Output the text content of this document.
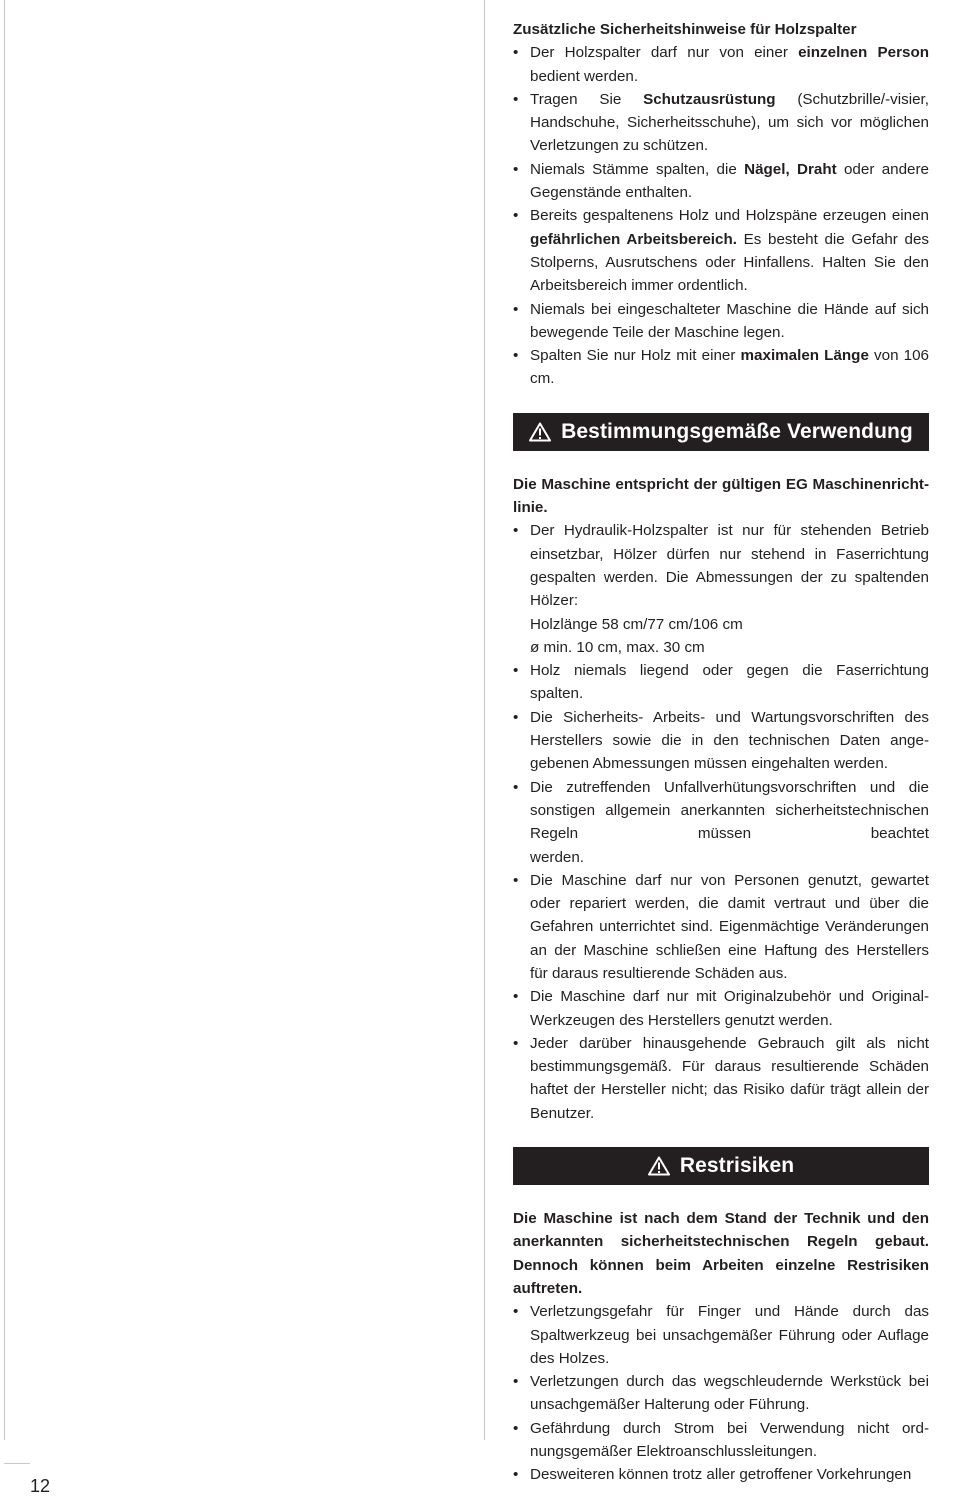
12

Zusätzliche Sicherheitshinweise für Holzspalter

• Der Holzspalter darf nur von einer einzelnen Person bedient werden.
• Tragen Sie Schutzausrüstung (Schutzbrille/-visier, Handschuhe, Sicherheitsschuhe), um sich vor möglichen Verletzungen zu schützen.
• Niemals Stämme spalten, die Nägel, Draht oder andere Gegenstände enthalten.
• Bereits gespaltenens Holz und Holzspäne erzeugen einen gefährlichen Arbeitsbereich. Es besteht die Gefahr des Stolperns, Ausrutschens oder Hinfallens. Halten Sie den Arbeitsbereich immer ordentlich.
• Niemals bei eingeschalteter Maschine die Hände auf sich bewegende Teile der Maschine legen.
• Spalten Sie nur Holz mit einer maximalen Länge von 106 cm.
Bestimmungsgemäße Verwendung

Die Maschine entspricht der gültigen EG Maschinenrichtlinie.

• Der Hydraulik-Holzspalter ist nur für stehenden Betrieb einsetzbar, Hölzer dürfen nur stehend in Faserrichtung gespalten werden. Die Abmessungen der zu spaltenden Hölzer:
Holzlänge 58 cm/77 cm/106 cm
ø min. 10 cm, max. 30 cm
• Holz niemals liegend oder gegen die Faserrichtung spalten.
• Die Sicherheits- Arbeits- und Wartungsvorschriften des Herstellers sowie die in den technischen Daten angegebenen Abmessungen müssen eingehalten werden.
• Die zutreffenden Unfallverhütungsvorschriften und die sonstigen allgemein anerkannten sicherheitstechnischen Regeln müssen beachtet
werden.
• Die Maschine darf nur von Personen genutzt, gewartet oder repariert werden, die damit vertraut und über die Gefahren unterrichtet sind. Eigenmächtige Veränderungen an der Maschine schließen eine Haftung des Herstellers für daraus resultierende Schäden aus.
• Die Maschine darf nur mit Originalzubehör und Original-Werkzeugen des Herstellers genutzt werden.
• Jeder darüber hinausgehende Gebrauch gilt als nicht bestimmungsgemäß. Für daraus resultierende Schäden haftet der Hersteller nicht; das Risiko dafür trägt allein der Benutzer.
Restrisiken

Die Maschine ist nach dem Stand der Technik und den anerkannten sicherheitstechnischen Regeln gebaut. Dennoch können beim Arbeiten einzelne Restrisiken auftreten.

• Verletzungsgefahr für Finger und Hände durch das Spaltwerkzeug bei unsachgemäßer Führung oder Auflage des Holzes.
• Verletzungen durch das wegschleudernde Werkstück bei unsachgemäßer Halterung oder Führung.
• Gefährdung durch Strom bei Verwendung nicht ordnungsgemäßer Elektroanschlussleitungen.
• Desweiteren können trotz aller getroffener Vorkehrungen
